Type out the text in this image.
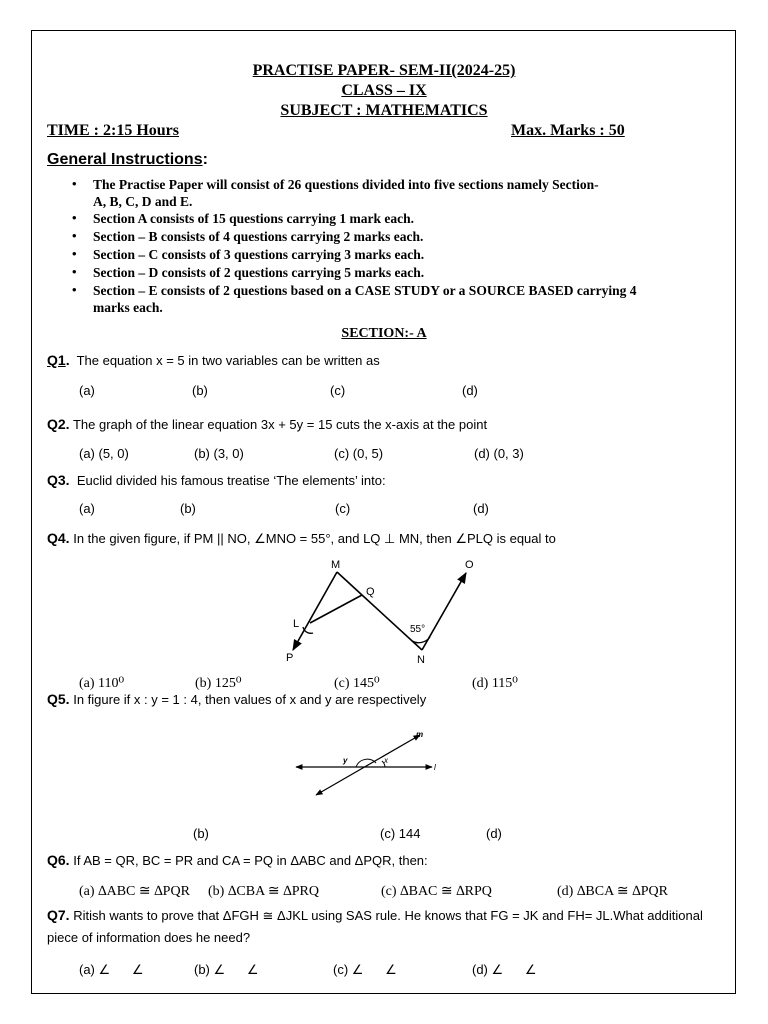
PRACTISE PAPER- SEM-II(2024-25)
CLASS – IX
SUBJECT : MATHEMATICS
TIME : 2:15 Hours	Max. Marks : 50
General Instructions:
• The Practise Paper will consist of 26 questions divided into five sections namely Section-
A, B, C, D and E.
• Section A consists of 15 questions carrying 1 mark each.
• Section – B consists of 4 questions carrying 2 marks each.
• Section – C consists of 3 questions carrying 3 marks each.
• Section – D consists of 2 questions carrying 5 marks each.
• Section – E consists of 2 questions based on a CASE STUDY or a SOURCE BASED carrying 4
marks each.
SECTION:- A
Q1. The equation x = 5 in two variables can be written as
(a)	(b)	(c)	(d)
Q2. The graph of the linear equation 3x + 5y = 15 cuts the x-axis at the point
(a) (5, 0)	(b) (3, 0)	(c) (0, 5)	(d) (0, 3)
Q3. Euclid divided his famous treatise ‘The elements’ into:
(a)	(b)	(c)	(d)
Q4. In the given figure, if PM || NO, ∠MNO = 55°, and LQ ⊥ MN, then ∠PLQ is equal to
M
Q
L
P	N
O
55°
(a) 110⁰	(b) 125⁰	(c) 145⁰	(d) 115⁰
Q5. In figure if x : y = 1 : 4, then values of x and y are respectively
m
l
y	x
(b)	(c) 144	(d)
Q6. If AB = QR, BC = PR and CA = PQ in ΔABC and ΔPQR, then:
(a) ∆ABC ≅ ∆PQR (b) ∆CBA ≅ ∆PRQ	(c) ∆BAC ≅ ∆RPQ	(d) ∆BCA ≅ ∆PQR
Q7. Ritish wants to prove that ΔFGH ≅ ΔJKL using SAS rule. He knows that FG = JK and FH= JL.What additional
piece of information does he need?
(a) ∠      ∠	(b) ∠      ∠	(c) ∠      ∠	(d) ∠      ∠
